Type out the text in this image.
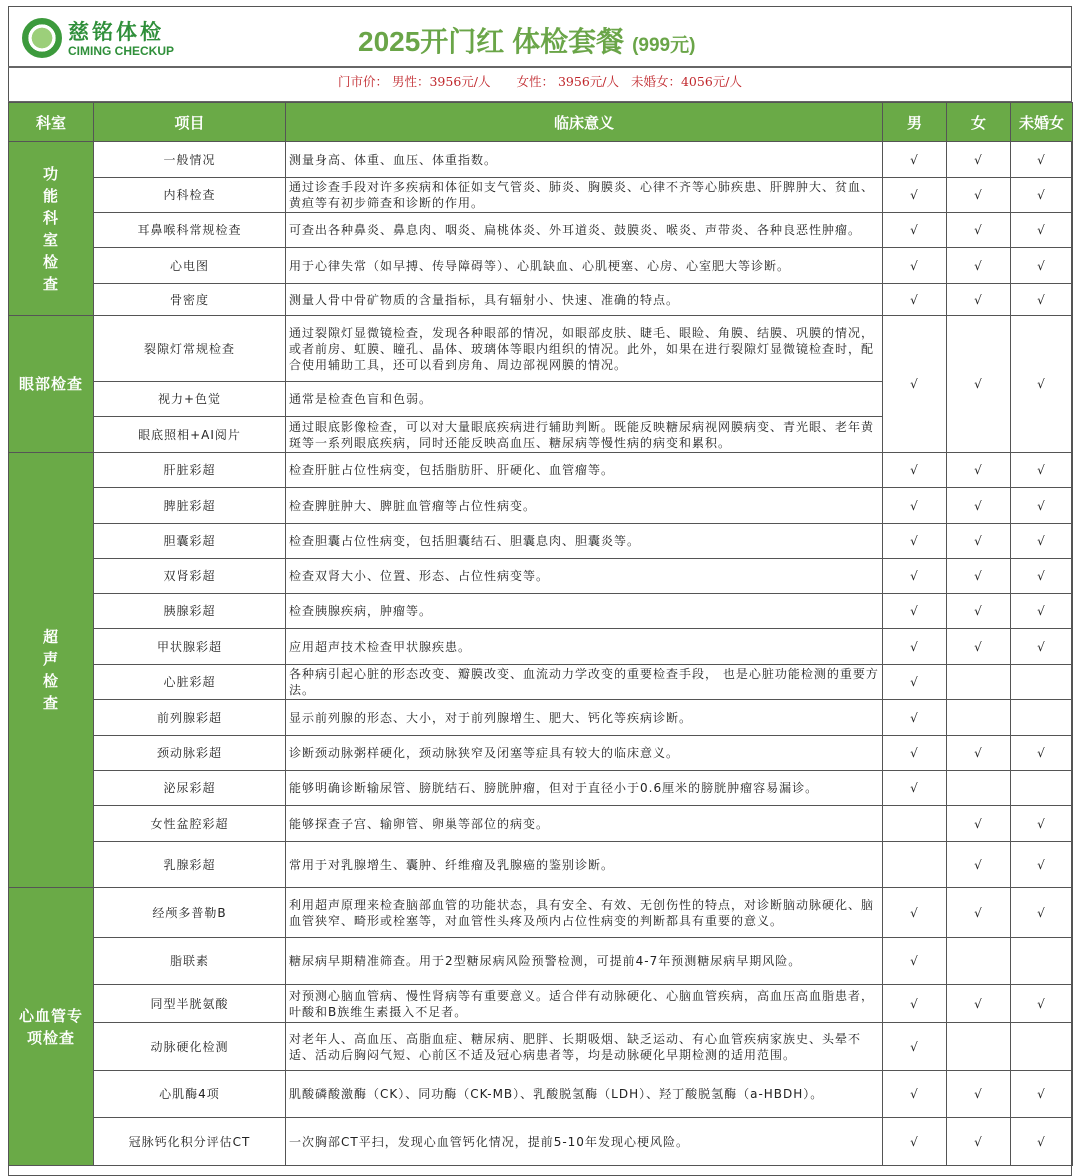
慈铭体检
CIMING CHECKUP	2025开门红 体检套餐 (999元)
门市价： 男性：3956元/人 女性： 3956元/人 未婚女：4056元/人
科室	项目	临床意义	男	女	未婚女
功能科室检查	一般情况	测量身高、体重、血压、体重指数。	√	√	√
	内科检查	通过诊查手段对许多疾病和体征如支气管炎、肺炎、胸膜炎、心律不齐等心肺疾患、肝脾肿大、贫血、黄疸等有初步筛查和诊断的作用。	√	√	√
	耳鼻喉科常规检查	可查出各种鼻炎、鼻息肉、咽炎、扁桃体炎、外耳道炎、鼓膜炎、喉炎、声带炎、各种良恶性肿瘤。	√	√	√
	心电图	用于心律失常（如早搏、传导障碍等）、心肌缺血、心肌梗塞、心房、心室肥大等诊断。	√	√	√
	骨密度	测量人骨中骨矿物质的含量指标，具有辐射小、快速、准确的特点。	√	√	√
眼部检查	裂隙灯常规检查	通过裂隙灯显微镜检查，发现各种眼部的情况，如眼部皮肤、睫毛、眼睑、角膜、结膜、巩膜的情况，或者前房、虹膜、瞳孔、晶体、玻璃体等眼内组织的情况。此外，如果在进行裂隙灯显微镜检查时，配合使用辅助工具，还可以看到房角、周边部视网膜的情况。	√	√	√
	视力+色觉	通常是检查色盲和色弱。			
	眼底照相+AI阅片	通过眼底影像检查，可以对大量眼底疾病进行辅助判断。既能反映糖尿病视网膜病变、青光眼、老年黄斑等一系列眼底疾病，同时还能反映高血压、糖尿病等慢性病的病变和累积。			
超声检查	肝脏彩超	检查肝脏占位性病变，包括脂肪肝、肝硬化、血管瘤等。	√	√	√
	脾脏彩超	检查脾脏肿大、脾脏血管瘤等占位性病变。	√	√	√
	胆囊彩超	检查胆囊占位性病变，包括胆囊结石、胆囊息肉、胆囊炎等。	√	√	√
	双肾彩超	检查双肾大小、位置、形态、占位性病变等。	√	√	√
	胰腺彩超	检查胰腺疾病，肿瘤等。	√	√	√
	甲状腺彩超	应用超声技术检查甲状腺疾患。	√	√	√
	心脏彩超	各种病引起心脏的形态改变、瓣膜改变、血流动力学改变的重要检查手段， 也是心脏功能检测的重要方法。	√		
	前列腺彩超	显示前列腺的形态、大小，对于前列腺增生、肥大、钙化等疾病诊断。	√		
	颈动脉彩超	诊断颈动脉粥样硬化，颈动脉狭窄及闭塞等症具有较大的临床意义。	√	√	√
	泌尿彩超	能够明确诊断输尿管、膀胱结石、膀胱肿瘤，但对于直径小于0.6厘米的膀胱肿瘤容易漏诊。	√		
	女性盆腔彩超	能够探查子宫、输卵管、卵巢等部位的病变。		√	√
	乳腺彩超	常用于对乳腺增生、囊肿、纤维瘤及乳腺癌的鉴别诊断。		√	√
心血管专项检查	经颅多普勒B	利用超声原理来检查脑部血管的功能状态，具有安全、有效、无创伤性的特点，对诊断脑动脉硬化、脑血管狭窄、畸形或栓塞等，对血管性头疼及颅内占位性病变的判断都具有重要的意义。	√	√	√
	脂联素	糖尿病早期精准筛查。用于2型糖尿病风险预警检测，可提前4-7年预测糖尿病早期风险。	√		
	同型半胱氨酸	对预测心脑血管病、慢性肾病等有重要意义。适合伴有动脉硬化、心脑血管疾病，高血压高血脂患者，叶酸和B族维生素摄入不足者。	√	√	√
	动脉硬化检测	对老年人、高血压、高脂血症、糖尿病、肥胖、长期吸烟、缺乏运动、有心血管疾病家族史、头晕不适、活动后胸闷气短、心前区不适及冠心病患者等，均是动脉硬化早期检测的适用范围。	√		
	心肌酶4项	肌酸磷酸激酶（CK）、同功酶（CK-MB）、乳酸脱氢酶（LDH）、羟丁酸脱氢酶（a-HBDH）。	√	√	√
	冠脉钙化积分评估CT	一次胸部CT平扫，发现心血管钙化情况，提前5-10年发现心梗风险。	√	√	√
